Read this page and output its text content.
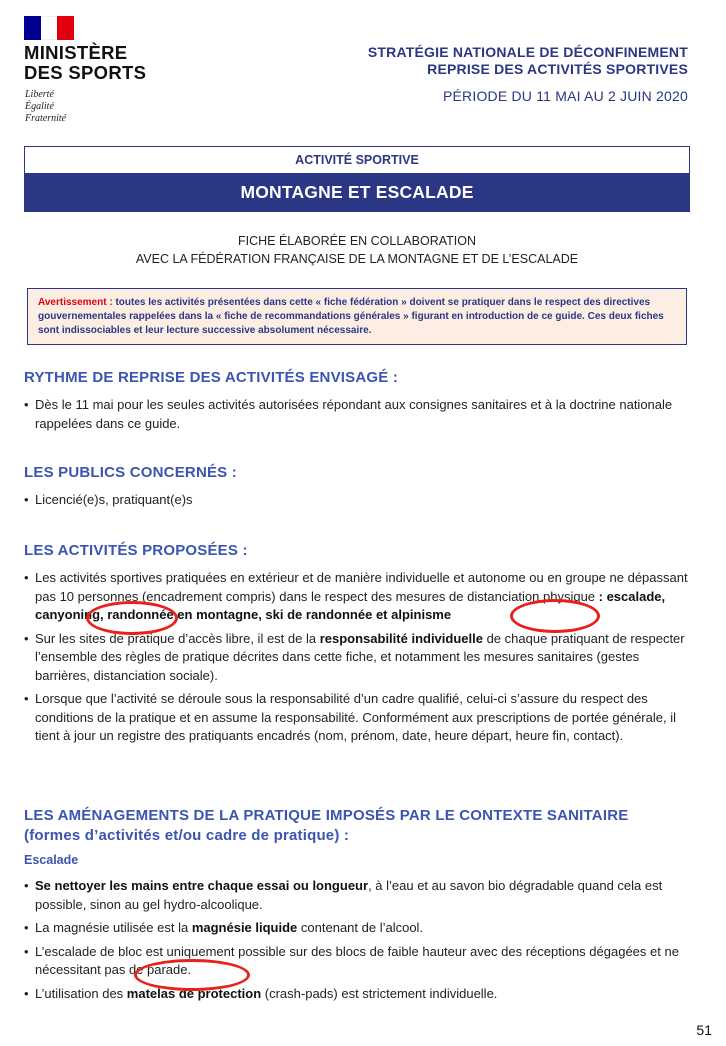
MINISTÈRE
DES SPORTS
Liberté
Égalité
Fraternité
STRATÉGIE NATIONALE DE DÉCONFINEMENT
REPRISE DES ACTIVITÉS SPORTIVES
PÉRIODE DU 11 MAI AU 2 JUIN 2020
ACTIVITÉ SPORTIVE
MONTAGNE ET ESCALADE
FICHE ÉLABORÉE EN COLLABORATION
AVEC LA FÉDÉRATION FRANÇAISE DE LA MONTAGNE ET DE L’ESCALADE
Avertissement : toutes les activités présentées dans cette « fiche fédération » doivent se pratiquer dans le respect des directives gouvernementales rappelées dans la « fiche de recommandations générales » figurant en introduction de ce guide. Ces deux fiches sont indissociables et leur lecture successive absolument nécessaire.
RYTHME DE REPRISE DES ACTIVITÉS ENVISAGÉ :
• Dès le 11 mai pour les seules activités autorisées répondant aux consignes sanitaires et à la doctrine nationale rappelées dans ce guide.
LES PUBLICS CONCERNÉS :
• Licencié(e)s, pratiquant(e)s
LES ACTIVITÉS PROPOSÉES :
• Les activités sportives pratiquées en extérieur et de manière individuelle et autonome ou en groupe ne dépassant pas 10 personnes (encadrement compris) dans le respect des mesures de distanciation physique : escalade, canyoning, randonnée en montagne, ski de randonnée et alpinisme
• Sur les sites de pratique d’accès libre, il est de la responsabilité individuelle de chaque pratiquant de respecter l’ensemble des règles de pratique décrites dans cette fiche, et notamment les mesures sanitaires (gestes barrières, distanciation sociale).
• Lorsque que l’activité se déroule sous la responsabilité d’un cadre qualifié, celui-ci s’assure du respect des conditions de la pratique et en assume la responsabilité. Conformément aux prescriptions de portée générale, il tient à jour un registre des pratiquants encadrés (nom, prénom, date, heure départ, heure fin, contact).
LES AMÉNAGEMENTS DE LA PRATIQUE IMPOSÉS PAR LE CONTEXTE SANITAIRE
(formes d’activités et/ou cadre de pratique) :
Escalade
• Se nettoyer les mains entre chaque essai ou longueur, à l’eau et au savon bio dégradable quand cela est possible, sinon au gel hydro-alcoolique.
• La magnésie utilisée est la magnésie liquide contenant de l’alcool.
• L’escalade de bloc est uniquement possible sur des blocs de faible hauteur avec des réceptions dégagées et ne nécessitant pas de parade.
• L’utilisation des matelas de protection (crash-pads) est strictement individuelle.
51
